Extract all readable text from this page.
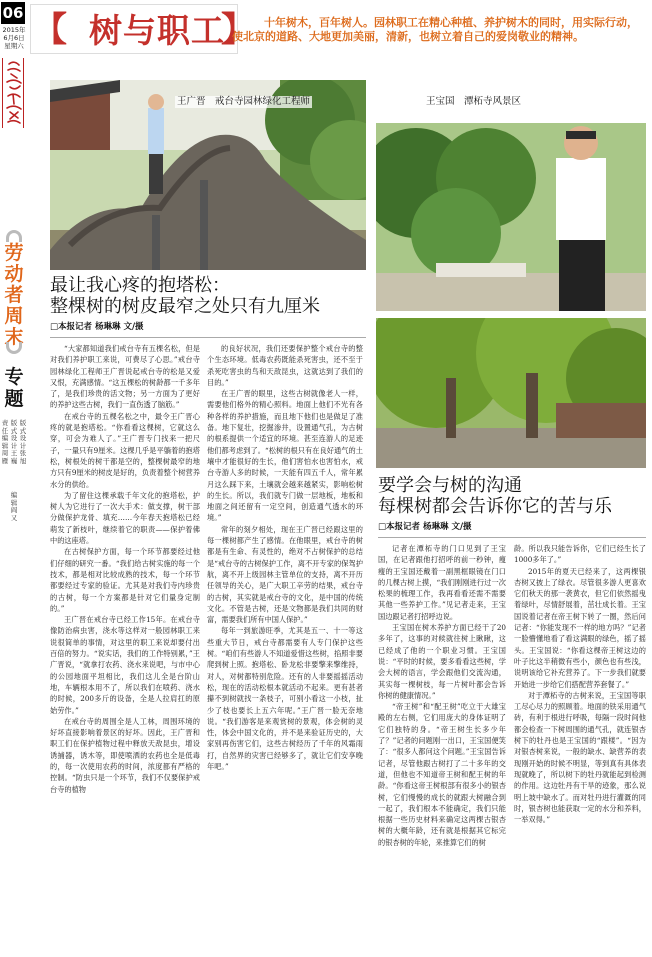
06
2015年
6月6日
星期六
劳动者周末
专题
责任编辑
周雁
版式设计
王巍
版式设计
张旭
编辑
阎又
【 树与职工
】 十年树木，百年树人。园林职工在精心种植、养护树木的同时，用实际行动，使北京的道路、大地更加美丽，清新，也树立着自己的爱岗敬业的精神。
王广晋　戒台寺园林绿化工程师
最让我心疼的抱塔松：
整棵树的树皮最窄之处只有九厘米
□本报记者 杨琳琳 文/摄

“大家都知道我们戒台寺有五棵名松，但是对我们养护职工来说，可费尽了心思。”戒台寺园林绿化工程师王广晋说起戒台寺的松是又爱又恨，充满感情。“这五棵松的树龄都一千多年了，是我们珍贵的活文物；另一方面为了更好的养护这些古树，我们一直伤透了脑筋。”

在戒台寺的五棵名松之中，最令王广晋心疼的就是抱塔松。“你看看这棵树，它就这么穿，可会为难人了。”王广晋专门找来一把尺子，一量只有9厘米。这棵几乎是平躺着的抱塔松，树根处的树干都是空的，整棵树最窄的地方只有9厘米的树皮是好的，负责着整个树营养水分的供给。

为了留住这棵承载千年文化的抱塔松，护树人为它进行了一次大手术：做支撑，树干部分做保护龙骨、填充……今年春天抱塔松已经萌发了新枝叶，继续着它的职责——保护着佛中的这座塔。

在古树保护方面，每一个环节都要经过他们仔细的研究一番。“我们给古树实施的每一个技术，都是相对比较成熟的技术，每一个环节都要经过专家的验证。尤其是对我们寺内珍贵的古树，每一个方案都是针对它们量身定制的。”

王广晋在戒台寺已经工作15年。在戒台寺像防治病虫害，浇水等这样对一般园林职工来说很简单的事情，对这里的职工来说却要付出百倍的努力。“说实话，我们的工作特别累，”王广晋说，“就拿打农药、浇水来说吧，与市中心的公园地面平坦相比，我们这儿全是台阶山地，车辆根本用不了，所以我们在喷药、浇水的时候，200多斤的设备，全是人拉肩扛的原始劳作。”

在戒台寺的周围全是人工林，周围环境的好坏直接影响着景区的好坏。因此，王广晋和职工们在保护植物过程中释放天敌昆虫，增设诱捕器，诱木等，即使喷洒的农药也全是低毒的，每一次使用农药的时间，浓度都有严格的控制。“防虫只是一个环节，我们不仅要保护戒台寺的植物

的良好状况，我们还要保护整个戒台寺的整个生态环境。低毒农药既能杀死害虫，还不至于杀死吃害虫的鸟和天敌昆虫，这就达到了我们的目的。”

在王广晋的眼里，这些古树就像老人一样，需要他们格外的精心照料。地面上他们不光有各种各样的养护措施，而且地下他们也是做足了准备。地下复壮，挖掘渗井，设置通气孔，为古树的根系提供一个适宜的环境。甚至连游人的足迹他们都考虑到了。“松树的根只有在良好通气的土壤中才能很好的生长，他们害怕水也害怕水，戒台寺游人多的时候，一天能有四五千人，常年累月这么踩下来，土壤就会越来越紧实，影响松树的生长。所以，我们就专门做一层地板，地板和地面之间还留有一定空间，创造通气透水的环境。”

常年的刻夕相处，现在王广晋已经跟这里的每一棵树都产生了感情。在他眼里，戒台寺的树都是有生命、有灵性的，绝对不占树保护的总结是“戒台寺的古树保护工作，离不开专家的保驾护航，离不开上级园林主管单位的支持，离不开历任领导的关心，是广大职工辛劳的结果，戒台寺的古树，其实就是戒台寺的文化，是中国的传统文化。不管是古树，还是文物都是我们共同的财富，需要我们所有中国人保护。”

每年一到旅游旺季，尤其是五一、十一等这些重大节日，戒台寺都需要有人专门保护这些树。“咱们有些游人不知道爱惜这些树，掐照非要爬到树上照。抱塔松、卧龙松非要擎来擎维持，对人，对树都特别危险。还有的人非要摇摇活动松，现在的活动松根本就活动不起来。更有甚者攥不到树就找一条枝子，可别小看这一小枝，扯少了枝也要长上五六年呢。”王广晋一脸无奈地说。“我们游客是来观赏树的景观，体会树的灵性，体会中国文化的，并不是来验证历史的，大家别再伤害它们，这些古树经历了千年的风霜雨打，自然界的灾害已经够多了，就让它们安享晚年吧。”

王宝国　潭柘寺风景区
要学会与树的沟通
每棵树都会告诉你它的苦与乐
□本报记者 杨琳琳 文/摄

记者在潭柘寺的门口见到了王宝国，在记者跟他打招呼的前一秒钟，瘦瘦的王宝国还戴着一副黑框眼镜在门口的几棵古树上摸，“我们刚刚进行过一次松果的梳理工作，我再看看还需不需要其他一些养护工作。”见记者走来，王宝国边跟记者打招呼边说。

王宝国在树木养护方面已经干了20多年了，这事的对候就往树上瞅瞅，这已经成了他的一个职业习惯。王宝国说：“平时的时候，要多看看这些树，学会大树的语言，学会跟他们交流沟通，其实每一棵树枝，每一片树叶都会告诉你树的健康情况。”

“帝王树”和“配王树”吃立于大雄宝殿的左右侧，它们用庞大的身体证明了它们独特的身。“帝王树生长多少年了？”记者的问题刚一出口，王宝国便笑了：“很多人都问这个问题。”王宝国告诉记者，尽管他跟古树打了二十多年的交道，但他也不知道帝王树和配王树的年龄。“你看这帝王树根部有很多小的银杏树，它们慢慢的成长的就跟大树融合到一起了，我们根本不能确定，我们只能根据一些历史材料来确定这两棵古银杏树的大概年龄，还有就是根据其它标完的银杏树的年轮，来推算它们的树

龄。所以我只能告诉你，它们已经生长了1000多年了。”

2015年的夏天已经来了，这两棵银杏树又披上了绿衣。尽管很多游人更喜欢它们秋天的那一袭黄衣，但它们依然摇曳着绿叶，尽情舒展着，茁壮成长着。王宝国说着记者在帝王树下转了一圈，然后问记者：“你能发现不一样的地方吗？”记者一脸懵懂地看了看这满眼的绿色，摇了摇头。王宝国说：“你看这棵帝王树这边的叶子比这半稍微有些小，颜色也有些浅，说明该给它补充营养了。下一步我们就要开始进一步给它们搭配营养套餐了。”

对于潭柘寺的古树来说，王宝国等职工尽心尽力的照顾着。地面的铁采用通气砖，有利于根进行呼吸，每隔一段时间他都会检查一下树周围的通气孔，就连银杏树下的牡丹也是王宝国的“跟楼”。“因为对银杏树来说，一般的缺水、缺营养的表现刚开始的时候不明显，等到真有具体表现就晚了，所以树下的牡丹就能起到检测的作用。这边牡丹有干旱的迹象，那么说明上坡中缺水了。而对牡丹进行灌溉的同时，银杏树也能获取一定的水分和养料，一举双得。”
